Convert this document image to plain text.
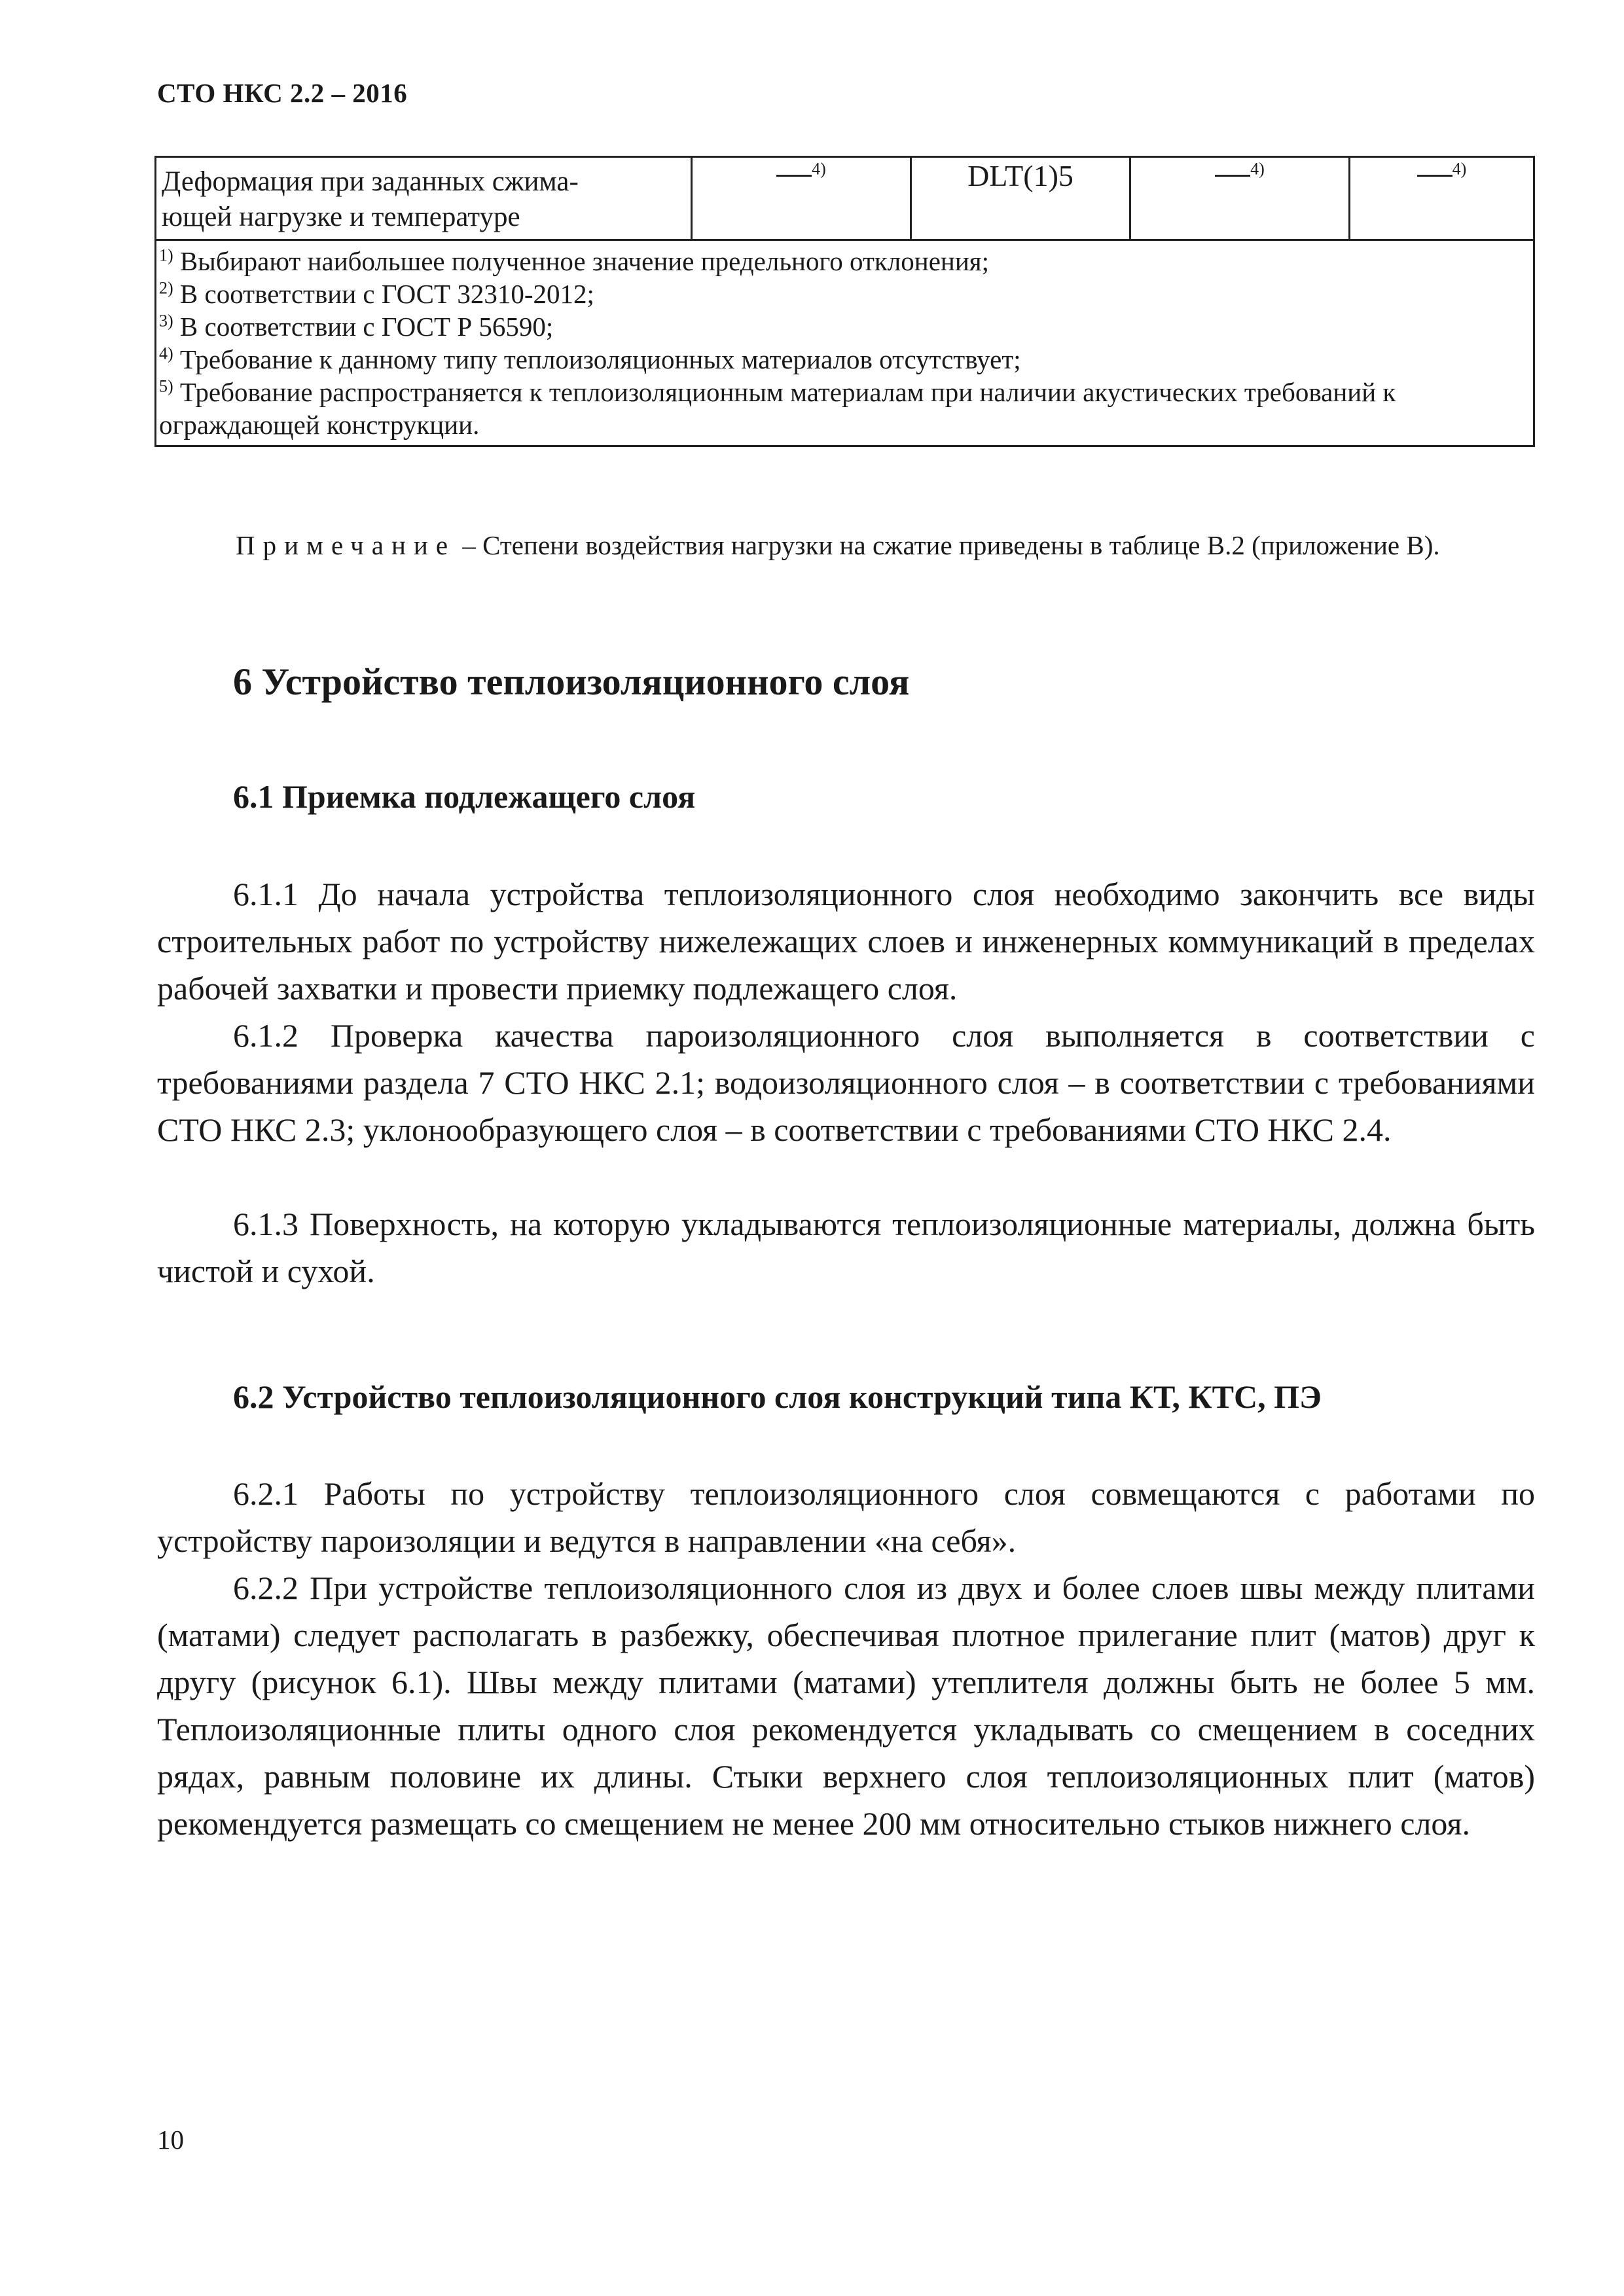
СТО НКС 2.2 – 2016
Деформация при заданных сжима-
ющей нагрузке и температуре	$^{4)}$	DLT(1)5	$^{4)}$	$^{4)}$

$^{1)}$ Выбирают наибольшее полученное значение предельного отклонения;
$^{2)}$ В соответствии с ГОСТ 32310-2012;
$^{3)}$ В соответствии с ГОСТ Р 56590;
$^{4)}$ Требование к данному типу теплоизоляционных материалов отсутствует;
$^{5)}$ Требование распространяется к теплоизоляционным материалам при наличии акустических требований к ограждающей конструкции.
Примечание – Степени воздействия нагрузки на сжатие приведены в таблице В.2 (приложение В).
6 Устройство теплоизоляционного слоя
6.1 Приемка подлежащего слоя
6.1.1 До начала устройства теплоизоляционного слоя необходимо закончить все виды строительных работ по устройству нижележащих слоев и инженерных коммуникаций в пределах рабочей захватки и провести приемку подлежащего слоя.
6.1.2 Проверка качества пароизоляционного слоя выполняется в соответствии с требованиями раздела 7 СТО НКС 2.1; водоизоляционного слоя – в соответствии с требованиями СТО НКС 2.3; уклонообразующего слоя – в соответствии с требованиями СТО НКС 2.4.
6.1.3 Поверхность, на которую укладываются теплоизоляционные материалы, должна быть чистой и сухой.
6.2 Устройство теплоизоляционного слоя конструкций типа КТ, КТС, ПЭ
6.2.1 Работы по устройству теплоизоляционного слоя совмещаются с работами по устройству пароизоляции и ведутся в направлении «на себя».
6.2.2 При устройстве теплоизоляционного слоя из двух и более слоев швы между плитами (матами) следует располагать в разбежку, обеспечивая плотное прилегание плит (матов) друг к другу (рисунок 6.1). Швы между плитами (матами) утеплителя должны быть не более 5 мм. Теплоизоляционные плиты одного слоя рекомендуется укладывать со смещением в соседних рядах, равным половине их длины. Стыки верхнего слоя теплоизоляционных плит (матов) рекомендуется размещать со смещением не менее 200 мм относительно стыков нижнего слоя.
10
